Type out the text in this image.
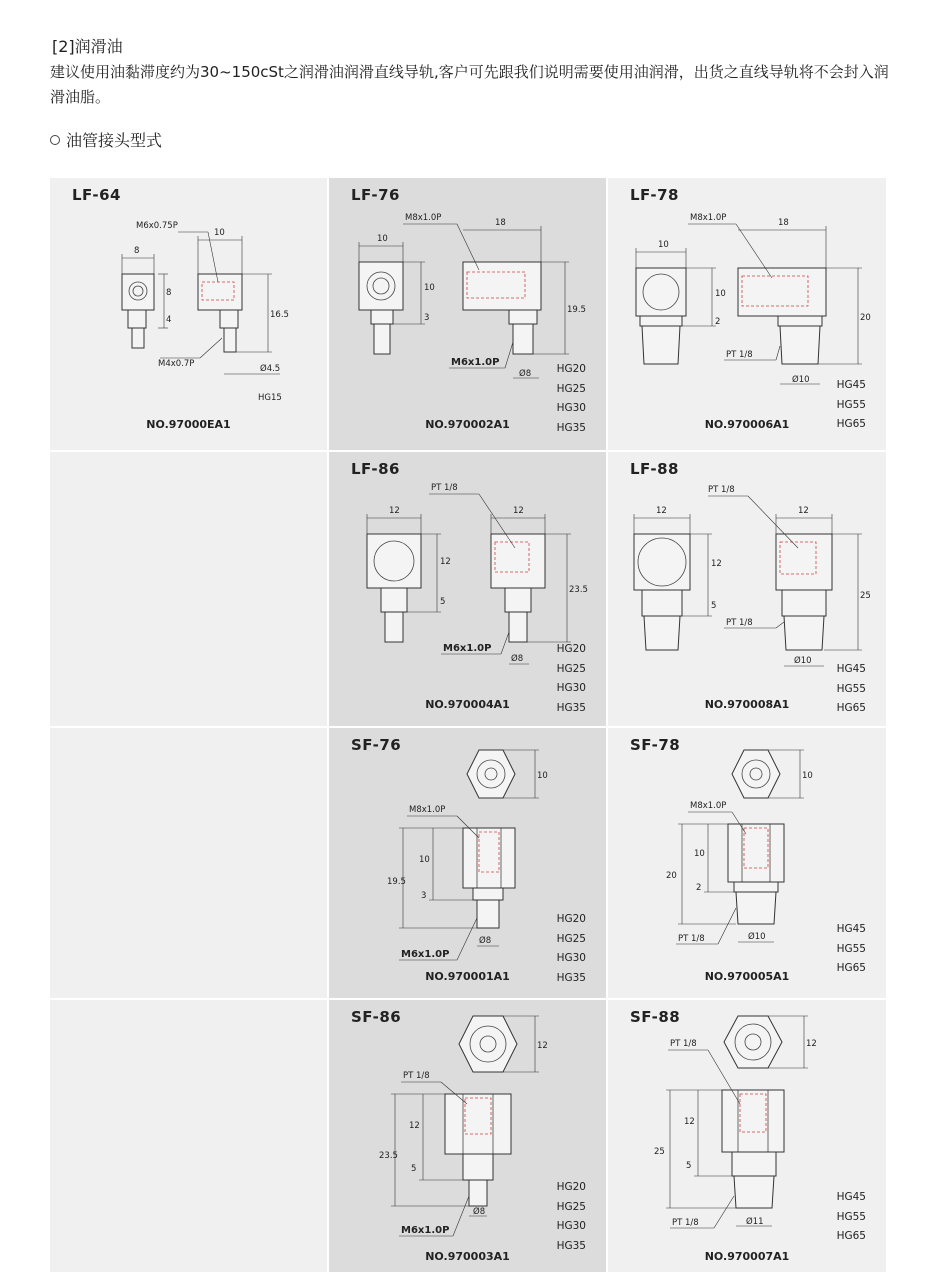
[2]润滑油
建议使用油黏滞度约为30~150cSt之润滑油润滑直线导轨,客户可先跟我们说明需要使用油润滑，出货之直线导轨将不会封入润滑油脂。
油管接头型式
LF-64
8
10
M6x0.75P
8
4	16.5
M4x0.7P	Ø4.5
HG15
NO.97000EA1
LF-76
10
18
M8x1.0P
10
3
19.5
M6x1.0P
Ø8 HG20
HG25
HG30
HG35
NO.970002A1
LF-78
10
18
M8x1.0P
10
2	20
PT 1/8
Ø10	HG45
HG55
HG65
NO.970006A1
LF-86
12	12
PT 1/8
12
5
23.5
M6x1.0P
Ø8
HG20
HG25
HG30
HG35
NO.970004A1
LF-88
12	12
PT 1/8
12
5
25
PT 1/8
Ø10
HG45
HG55
HG65
NO.970008A1
SF-76
10
M8x1.0P
19.5
10
3
M6x1.0P
Ø8
HG20
HG25
HG30
HG35
NO.970001A1
SF-78
10
M8x1.0P
20
10
2
PT 1/8	Ø10
HG45
HG55
HG65
NO.970005A1
SF-86
12
PT 1/8
23.5
12
5
M6x1.0P
Ø8
HG20
HG25
HG30
HG35
NO.970003A1
SF-88
12
PT 1/8
25
12
5
PT 1/8	Ø11
HG45
HG55
HG65
NO.970007A1
